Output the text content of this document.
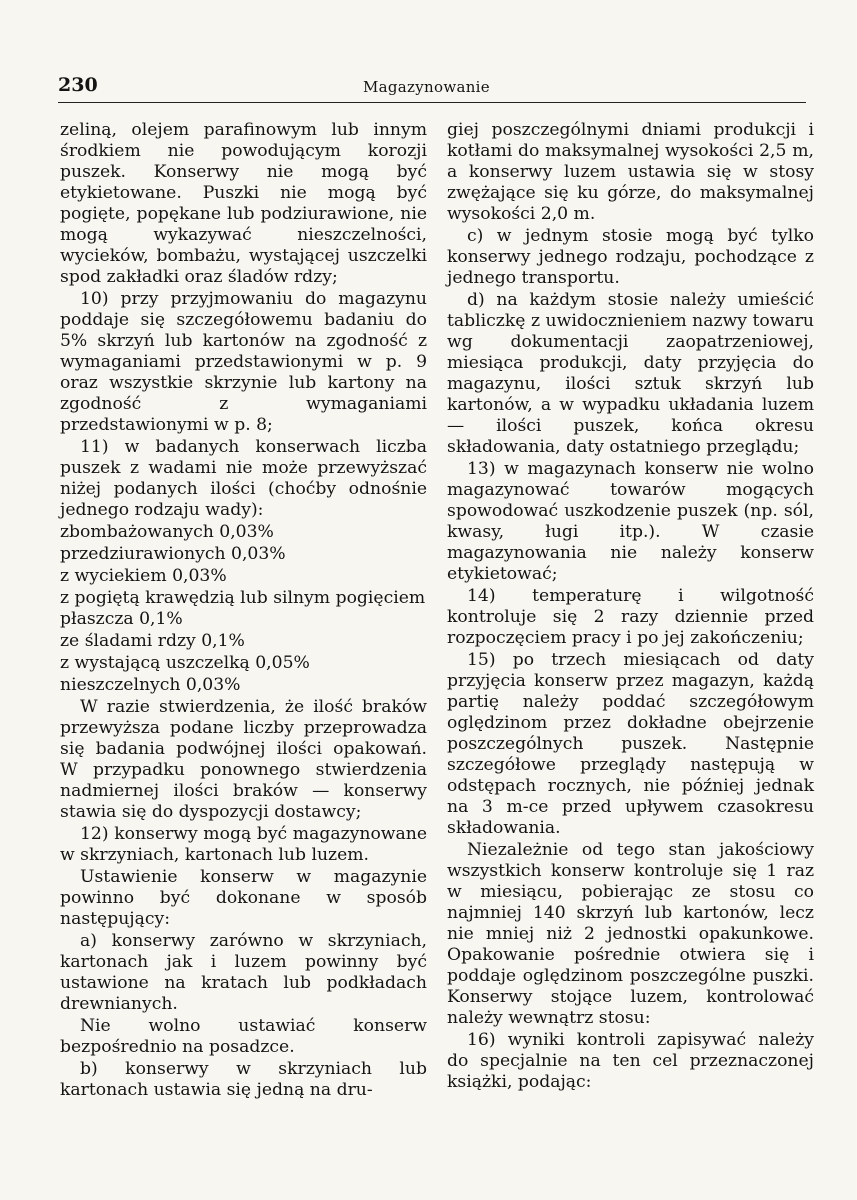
230	Magazynowanie

zeliną, olejem parafinowym lub innym środkiem nie powodującym korozji puszek. Konserwy nie mogą być etykietowane. Puszki nie mogą być pogięte, popękane lub podziurawione, nie mogą wykazywać nieszczelności, wycieków, bombażu, wystającej uszczelki spod zakładki oraz śladów rdzy;

10) przy przyjmowaniu do magazynu poddaje się szczegółowemu badaniu do 5% skrzyń lub kartonów na zgodność z wymaganiami przedstawionymi w p. 9 oraz wszystkie skrzynie lub kartony na zgodność z wymaganiami przedstawionymi w p. 8;

11) w badanych konserwach liczba puszek z wadami nie może przewyższać niżej podanych ilości (choćby odnośnie jednego rodzaju wady):

zbombażowanych 0,03%

przedziurawionych 0,03%

z wyciekiem 0,03%

z pogiętą krawędzią lub silnym pogięciem płaszcza 0,1%

ze śladami rdzy 0,1%

z wystającą uszczelką 0,05%

nieszczelnych 0,03%

W razie stwierdzenia, że ilość braków przewyższa podane liczby przeprowadza się badania podwójnej ilości opakowań. W przypadku ponownego stwierdzenia nadmiernej ilości braków — konserwy stawia się do dyspozycji dostawcy;

12) konserwy mogą być magazynowane w skrzyniach, kartonach lub luzem.

Ustawienie konserw w magazynie powinno być dokonane w sposób następujący:

a) konserwy zarówno w skrzyniach, kartonach jak i luzem powinny być ustawione na kratach lub podkładach drewnianych.

Nie wolno ustawiać konserw bezpośrednio na posadzce.

b) konserwy w skrzyniach lub kartonach ustawia się jedną na dru-

giej poszczególnymi dniami produkcji i kotłami do maksymalnej wysokości 2,5 m, a konserwy luzem ustawia się w stosy zwężające się ku górze, do maksymalnej wysokości 2,0 m.

c) w jednym stosie mogą być tylko konserwy jednego rodzaju, pochodzące z jednego transportu.

d) na każdym stosie należy umieścić tabliczkę z uwidocznieniem nazwy towaru wg dokumentacji zaopatrzeniowej, miesiąca produkcji, daty przyjęcia do magazynu, ilości sztuk skrzyń lub kartonów, a w wypadku układania luzem — ilości puszek, końca okresu składowania, daty ostatniego przeglądu;

13) w magazynach konserw nie wolno magazynować towarów mogących spowodować uszkodzenie puszek (np. sól, kwasy, ługi itp.). W czasie magazynowania nie należy konserw etykietować;

14) temperaturę i wilgotność kontroluje się 2 razy dziennie przed rozpoczęciem pracy i po jej zakończeniu;

15) po trzech miesiącach od daty przyjęcia konserw przez magazyn, każdą partię należy poddać szczegółowym oględzinom przez dokładne obejrzenie poszczególnych puszek. Następnie szczegółowe przeglądy następują w odstępach rocznych, nie później jednak na 3 m-ce przed upływem czasokresu składowania.

Niezależnie od tego stan jakościowy wszystkich konserw kontroluje się 1 raz w miesiącu, pobierając ze stosu co najmniej 140 skrzyń lub kartonów, lecz nie mniej niż 2 jednostki opakunkowe. Opakowanie pośrednie otwiera się i poddaje oględzinom poszczególne puszki. Konserwy stojące luzem, kontrolować należy wewnątrz stosu:

16) wyniki kontroli zapisywać należy do specjalnie na ten cel przeznaczonej książki, podając:
